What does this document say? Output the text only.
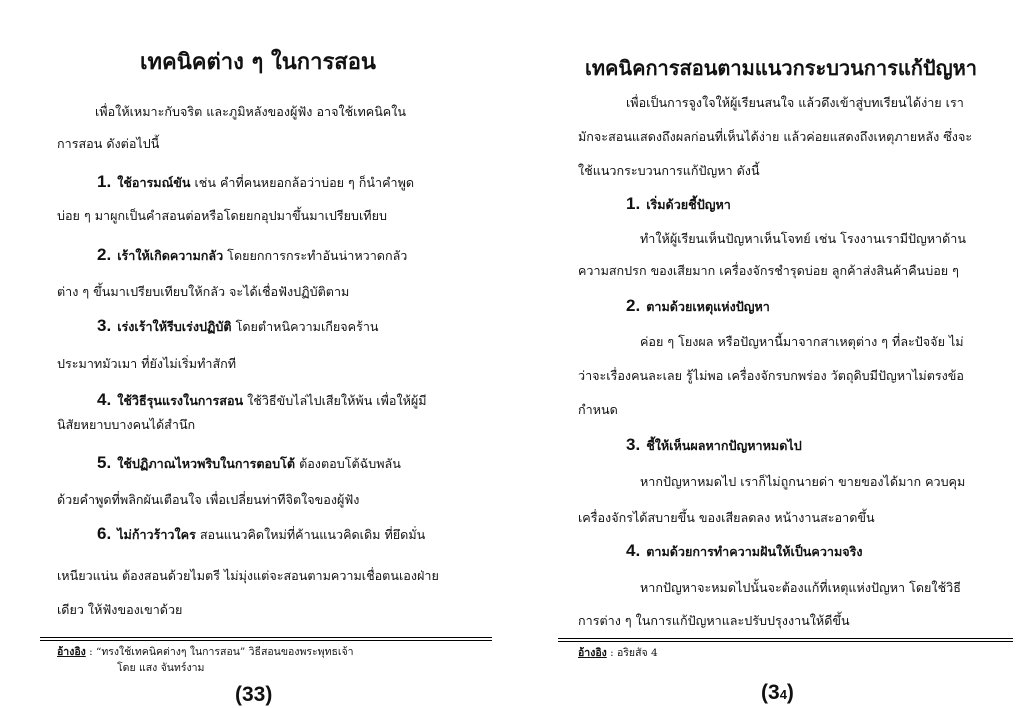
เทคนิคต่าง ๆ ในการสอน
เพื่อให้เหมาะกับจริต และภูมิหลังของผู้ฟัง อาจใช้เทคนิคใน
การสอน ดังต่อไปนี้
1. ใช้อารมณ์ขัน เช่น คำที่คนหยอกล้อว่าบ่อย ๆ ก็นำคำพูด
บ่อย ๆ มาผูกเป็นคำสอนต่อหรือโดยยกอุปมาขึ้นมาเปรียบเทียบ
2. เร้าให้เกิดความกลัว โดยยกการกระทำอันน่าหวาดกลัว
ต่าง ๆ ขึ้นมาเปรียบเทียบให้กลัว จะได้เชื่อฟังปฏิบัติตาม
3. เร่งเร้าให้รีบเร่งปฏิบัติ โดยตำหนิความเกียจคร้าน
ประมาทมัวเมา ที่ยังไม่เริ่มทำสักที
4. ใช้วิธีรุนแรงในการสอน ใช้วิธีขับไล่ไปเสียให้พ้น เพื่อให้ผู้มี
นิสัยหยาบบางคนได้สำนึก
5. ใช้ปฏิภาณไหวพริบในการตอบโต้ ต้องตอบโต้ฉับพลัน
ด้วยคำพูดที่พลิกผันเตือนใจ เพื่อเปลี่ยนท่าทีจิตใจของผู้ฟัง
6. ไม่ก้าวร้าวใคร สอนแนวคิดใหม่ที่ค้านแนวคิดเดิม ที่ยึดมั่น
เหนียวแน่น ต้องสอนด้วยไมตรี ไม่มุ่งแต่จะสอนตามความเชื่อตนเองฝ่าย
เดียว ให้ฟังของเขาด้วย
อ้างอิง : “ทรงใช้เทคนิคต่างๆ ในการสอน” วิธีสอนของพระพุทธเจ้า
โดย แสง จันทร์งาม
(33)
เทคนิคการสอนตามแนวกระบวนการแก้ปัญหา
เพื่อเป็นการจูงใจให้ผู้เรียนสนใจ แล้วดึงเข้าสู่บทเรียนได้ง่าย เรา
มักจะสอนแสดงถึงผลก่อนที่เห็นได้ง่าย แล้วค่อยแสดงถึงเหตุภายหลัง ซึ่งจะ
ใช้แนวกระบวนการแก้ปัญหา ดังนี้
1. เริ่มด้วยชี้ปัญหา
ทำให้ผู้เรียนเห็นปัญหาเห็นโจทย์ เช่น โรงงานเรามีปัญหาด้าน
ความสกปรก ของเสียมาก เครื่องจักรชำรุดบ่อย ลูกค้าส่งสินค้าคืนบ่อย ๆ
2. ตามด้วยเหตุแห่งปัญหา
ค่อย ๆ โยงผล หรือปัญหานี้มาจากสาเหตุต่าง ๆ ที่ละปัจจัย ไม่
ว่าจะเรื่องคนละเลย รู้ไม่พอ เครื่องจักรบกพร่อง วัตถุดิบมีปัญหาไม่ตรงข้อ
กำหนด
3. ชี้ให้เห็นผลหากปัญหาหมดไป
หากปัญหาหมดไป เราก็ไม่ถูกนายด่า ขายของได้มาก ควบคุม
เครื่องจักรได้สบายขึ้น ของเสียลดลง หน้างานสะอาดขึ้น
4. ตามด้วยการทำความฝันให้เป็นความจริง
หากปัญหาจะหมดไปนั้นจะต้องแก้ที่เหตุแห่งปัญหา โดยใช้วิธี
การต่าง ๆ ในการแก้ปัญหาและปรับปรุงงานให้ดีขึ้น
อ้างอิง : อริยสัจ 4
(34)
